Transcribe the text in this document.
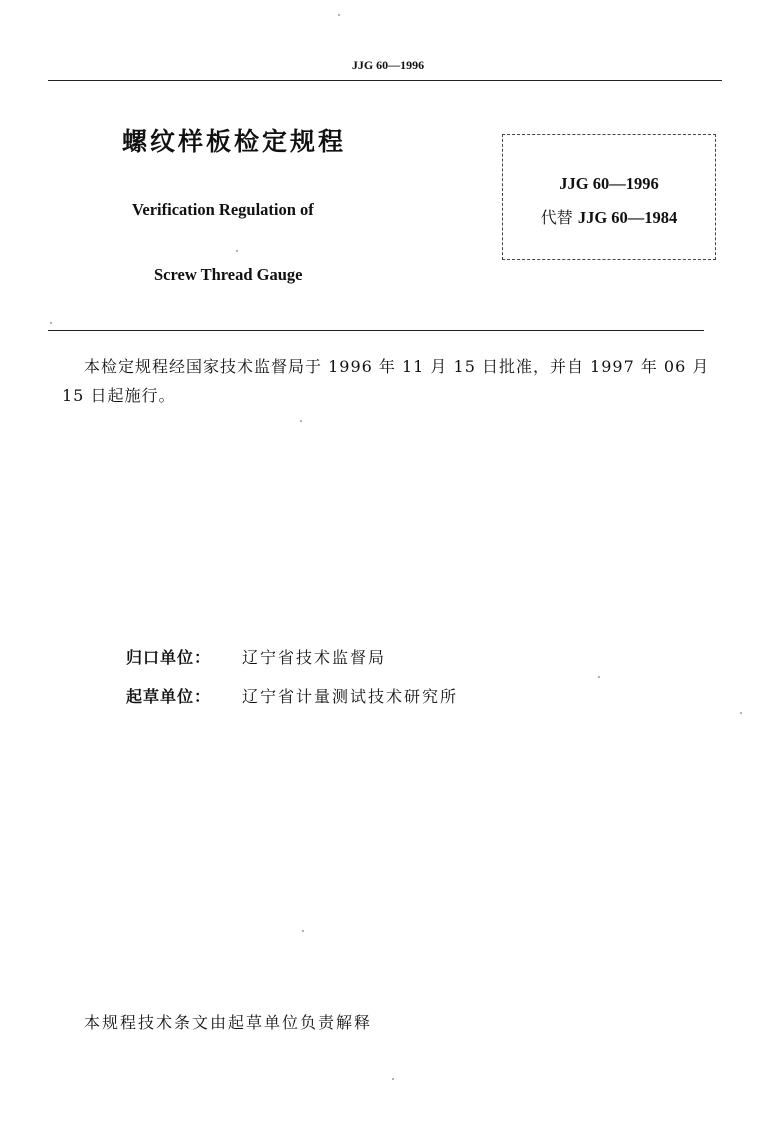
JJG 60—1996
螺纹样板检定规程
Verification Regulation of
Screw Thread Gauge
JJG 60—1996
代替 JJG 60—1984
本检定规程经国家技术监督局于 1996 年 11 月 15 日批准，并自 1997 年 06 月 15 日起施行。
归口单位：	辽宁省技术监督局
起草单位：	辽宁省计量测试技术研究所
本规程技术条文由起草单位负责解释
